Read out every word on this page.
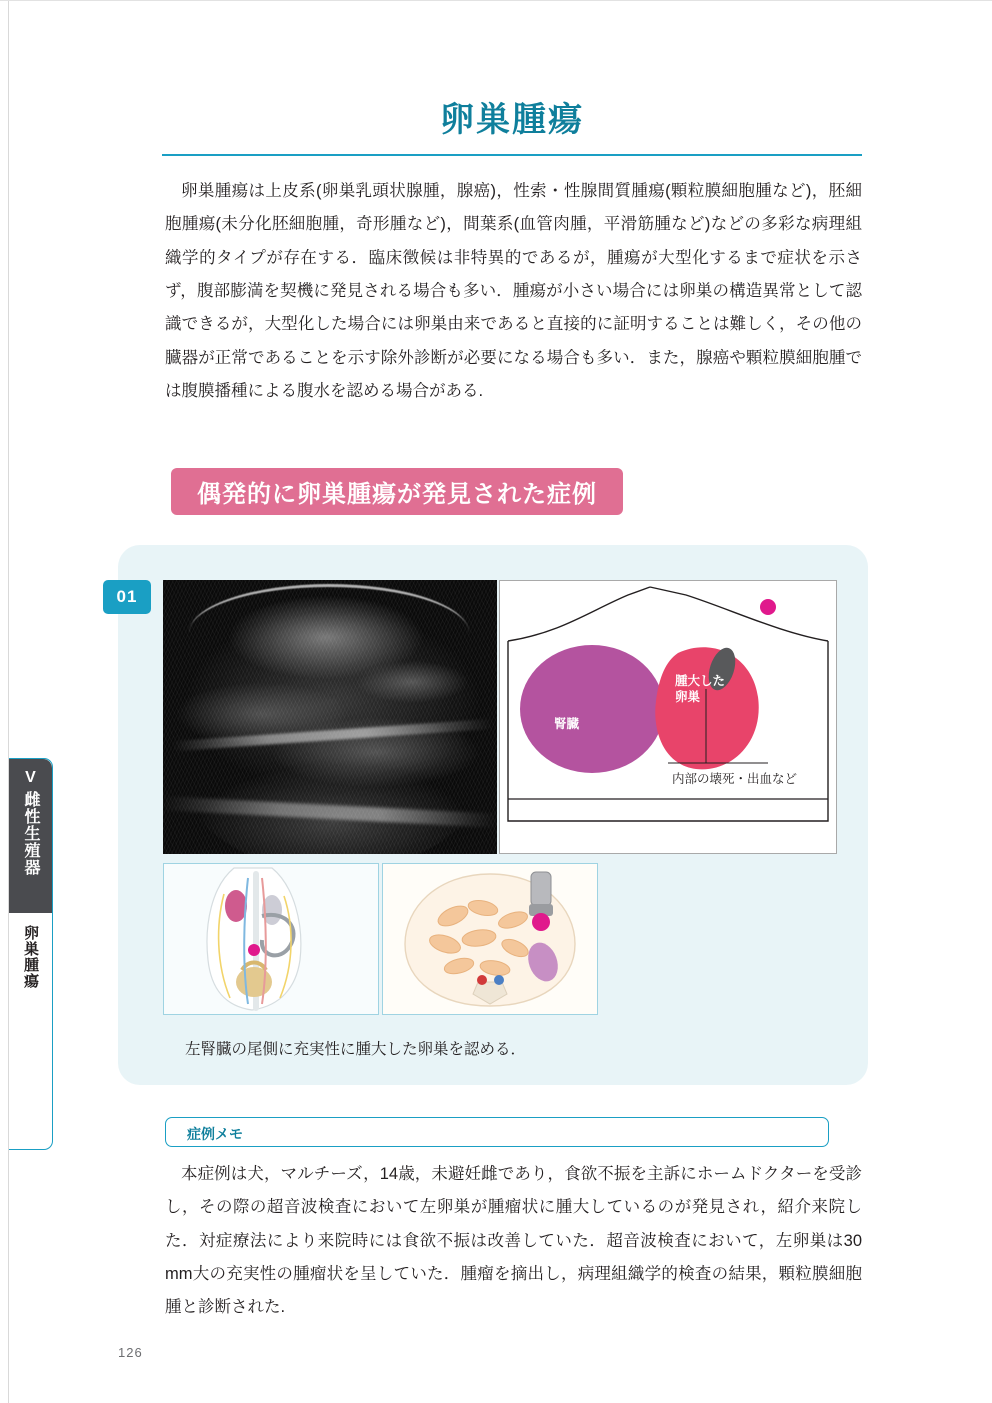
V
雌性生殖器
卵巣腫瘍
卵巣腫瘍

卵巣腫瘍は上皮系(卵巣乳頭状腺腫，腺癌)，性索・性腺間質腫瘍(顆粒膜細胞腫など)，胚細胞腫瘍(未分化胚細胞腫，奇形腫など)，間葉系(血管肉腫，平滑筋腫など)などの多彩な病理組織学的タイプが存在する．臨床徴候は非特異的であるが，腫瘍が大型化するまで症状を示さず，腹部膨満を契機に発見される場合も多い．腫瘍が小さい場合には卵巣の構造異常として認識できるが，大型化した場合には卵巣由来であると直接的に証明することは難しく，その他の臓器が正常であることを示す除外診断が必要になる場合も多い．また，腺癌や顆粒膜細胞腫では腹膜播種による腹水を認める場合がある.

偶発的に卵巣腫瘍が発見された症例
01
腎臓
腫大した
卵巣
内部の壊死・出血など
左腎臓の尾側に充実性に腫大した卵巣を認める．
症例メモ

本症例は犬，マルチーズ，14歳，未避妊雌であり，食欲不振を主訴にホームドクターを受診し，その際の超音波検査において左卵巣が腫瘤状に腫大しているのが発見され，紹介来院した．対症療法により来院時には食欲不振は改善していた．超音波検査において，左卵巣は30 mm大の充実性の腫瘤状を呈していた．腫瘤を摘出し，病理組織学的検査の結果，顆粒膜細胞腫と診断された.

126
